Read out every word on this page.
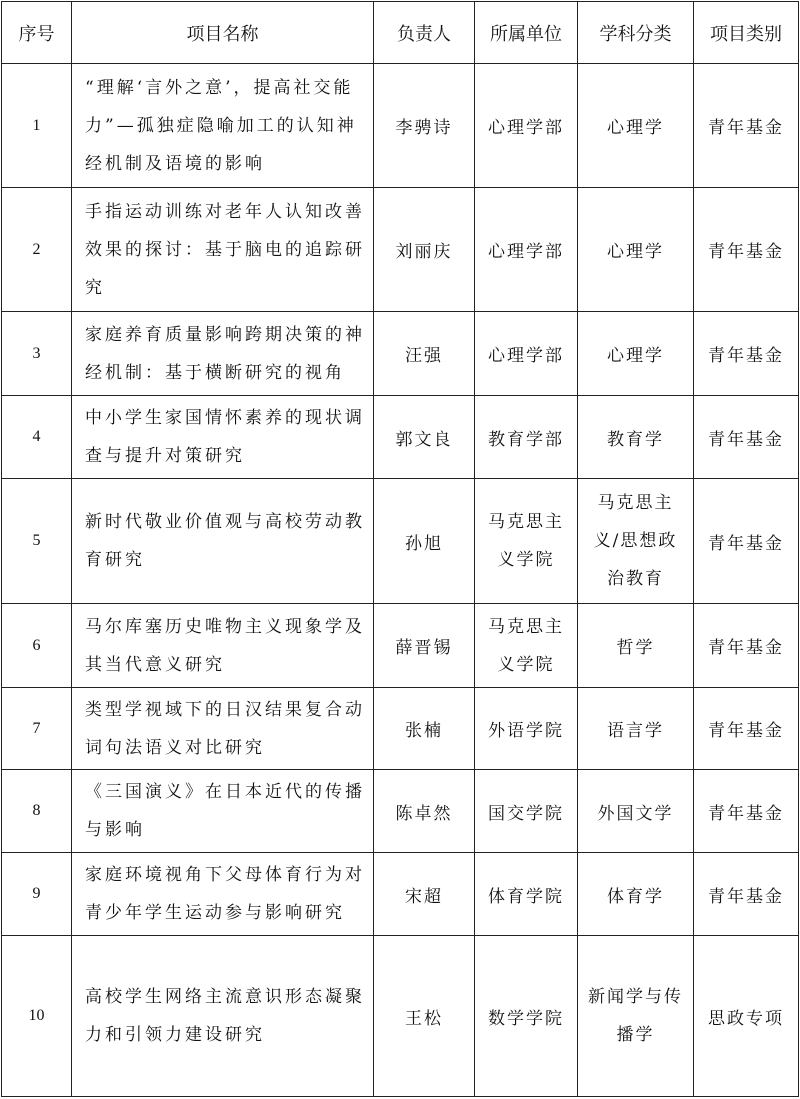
序号	项目名称	负责人	所属单位	学科分类	项目类别
1	“理解‘言外之意’，提高社交能力”—孤独症隐喻加工的认知神经机制及语境的影响	李骋诗	心理学部	心理学	青年基金
2	手指运动训练对老年人认知改善效果的探讨：基于脑电的追踪研究	刘丽庆	心理学部	心理学	青年基金
3	家庭养育质量影响跨期决策的神经机制：基于横断研究的视角	汪强	心理学部	心理学	青年基金
4	中小学生家国情怀素养的现状调查与提升对策研究	郭文良	教育学部	教育学	青年基金
5	新时代敬业价值观与高校劳动教育研究	孙旭	马克思主义学院	马克思主义/思想政治教育	青年基金
6	马尔库塞历史唯物主义现象学及其当代意义研究	薛晋锡	马克思主义学院	哲学	青年基金
7	类型学视域下的日汉结果复合动词句法语义对比研究	张楠	外语学院	语言学	青年基金
8	《三国演义》在日本近代的传播与影响	陈卓然	国交学院	外国文学	青年基金
9	家庭环境视角下父母体育行为对青少年学生运动参与影响研究	宋超	体育学院	体育学	青年基金
10	高校学生网络主流意识形态凝聚力和引领力建设研究	王松	数学学院	新闻学与传播学	思政专项
